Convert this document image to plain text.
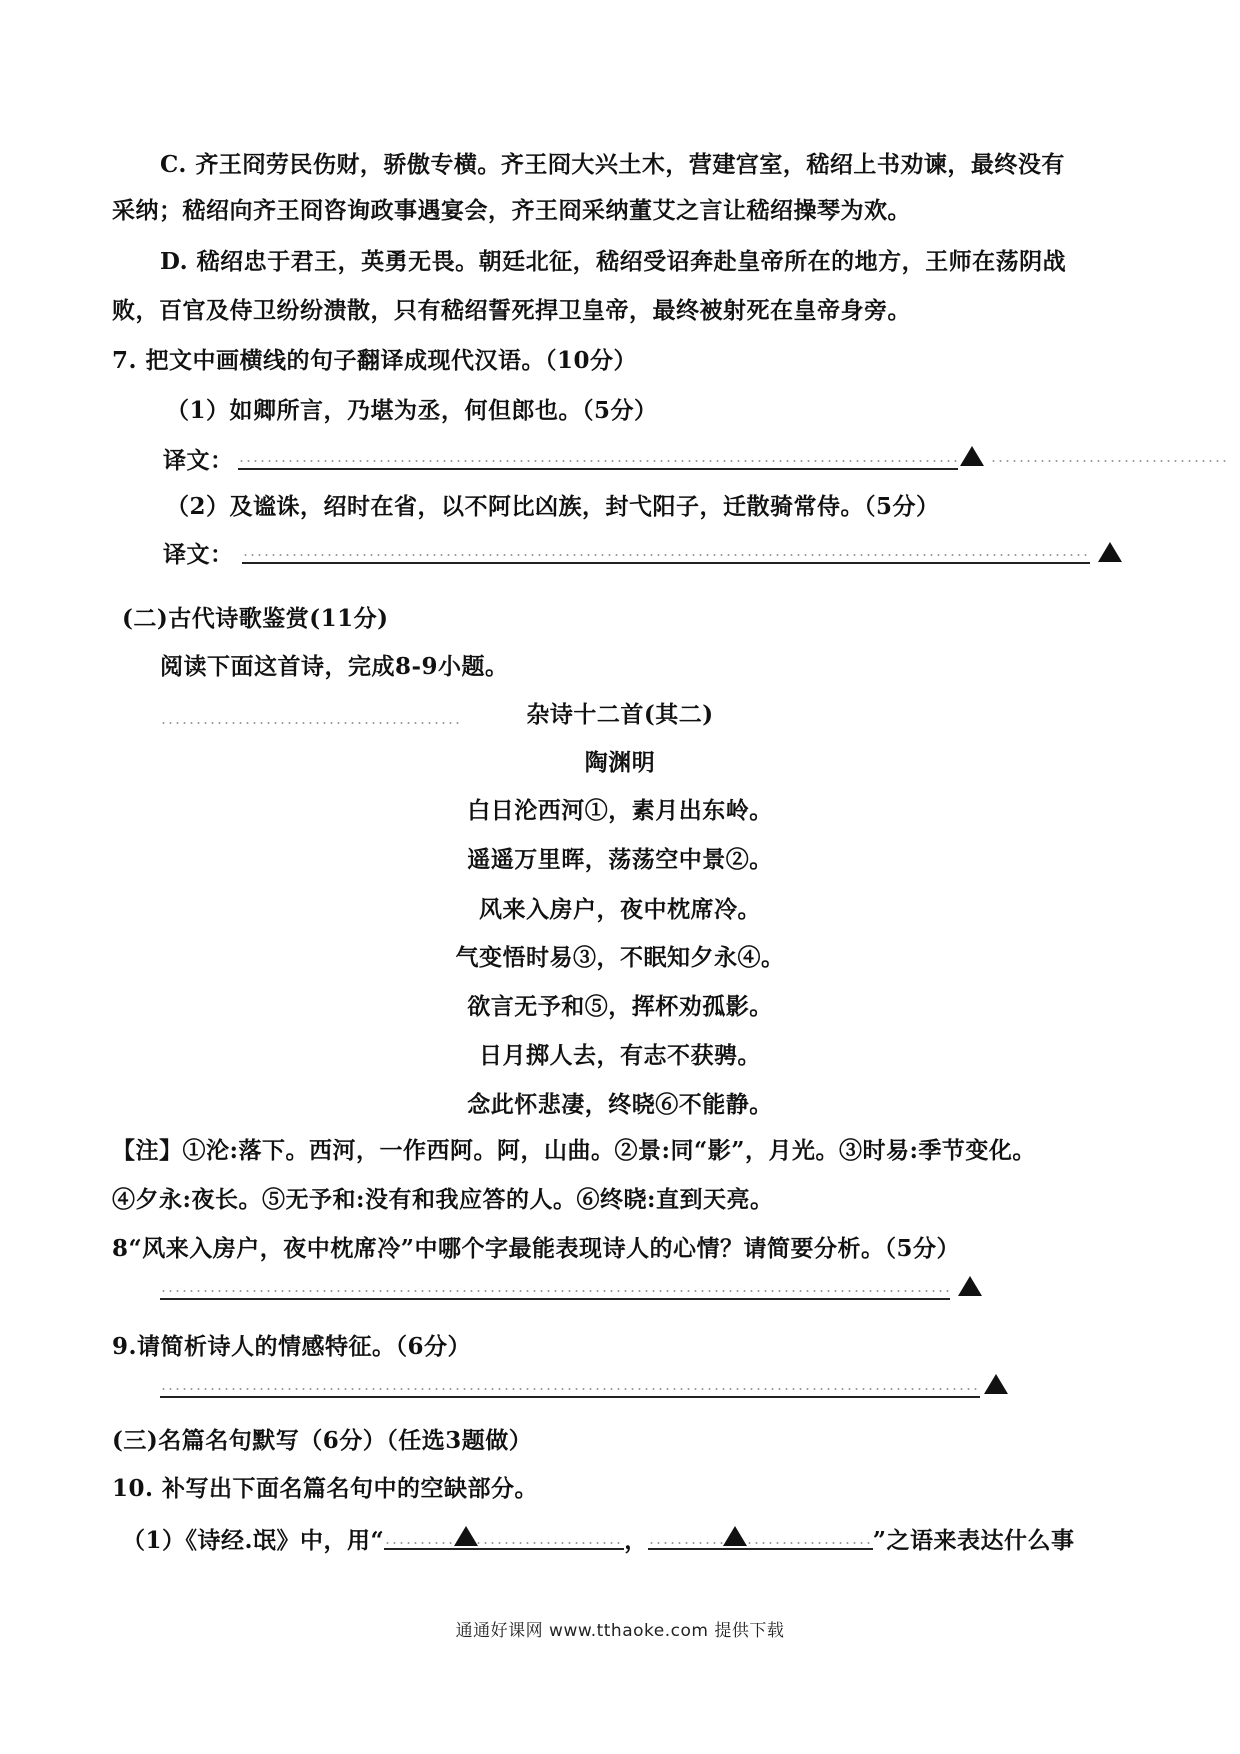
C. 齐王冏劳民伤财，骄傲专横。齐王冏大兴土木，营建宫室，嵇绍上书劝谏，最终没有
采纳；嵇绍向齐王冏咨询政事遇宴会，齐王冏采纳董艾之言让嵇绍操琴为欢。
D. 嵇绍忠于君王，英勇无畏。朝廷北征，嵇绍受诏奔赴皇帝所在的地方，王师在荡阴战
败，百官及侍卫纷纷溃散，只有嵇绍誓死捍卫皇帝，最终被射死在皇帝身旁。
7. 把文中画横线的句子翻译成现代汉语。（10分）
（1）如卿所言，乃堪为丞，何但郎也。（5分）
译文：
（2）及谧诛，绍时在省，以不阿比凶族，封弋阳子，迁散骑常侍。（5分）
译文：
(二)古代诗歌鉴赏(11分)
阅读下面这首诗，完成8-9小题。
杂诗十二首(其二)
陶渊明
白日沦西河①，素月出东岭。
遥遥万里晖，荡荡空中景②。
风来入房户，夜中枕席冷。
气变悟时易③，不眠知夕永④。
欲言无予和⑤，挥杯劝孤影。
日月掷人去，有志不获骋。
念此怀悲凄，终晓⑥不能静。
【注】①沦:落下。西河，一作西阿。阿，山曲。②景:同“影”，月光。③时易:季节变化。
④夕永:夜长。⑤无予和:没有和我应答的人。⑥终晓:直到天亮。
8“风来入房户，夜中枕席冷”中哪个字最能表现诗人的心情？请简要分析。（5分）
9.请简析诗人的情感特征。（6分）
(三)名篇名句默写（6分）（任选3题做）
10. 补写出下面名篇名句中的空缺部分。
（1）《诗经.氓》中，用“	，	”之语来表达什么事
通通好课网 www.tthaoke.com 提供下载
